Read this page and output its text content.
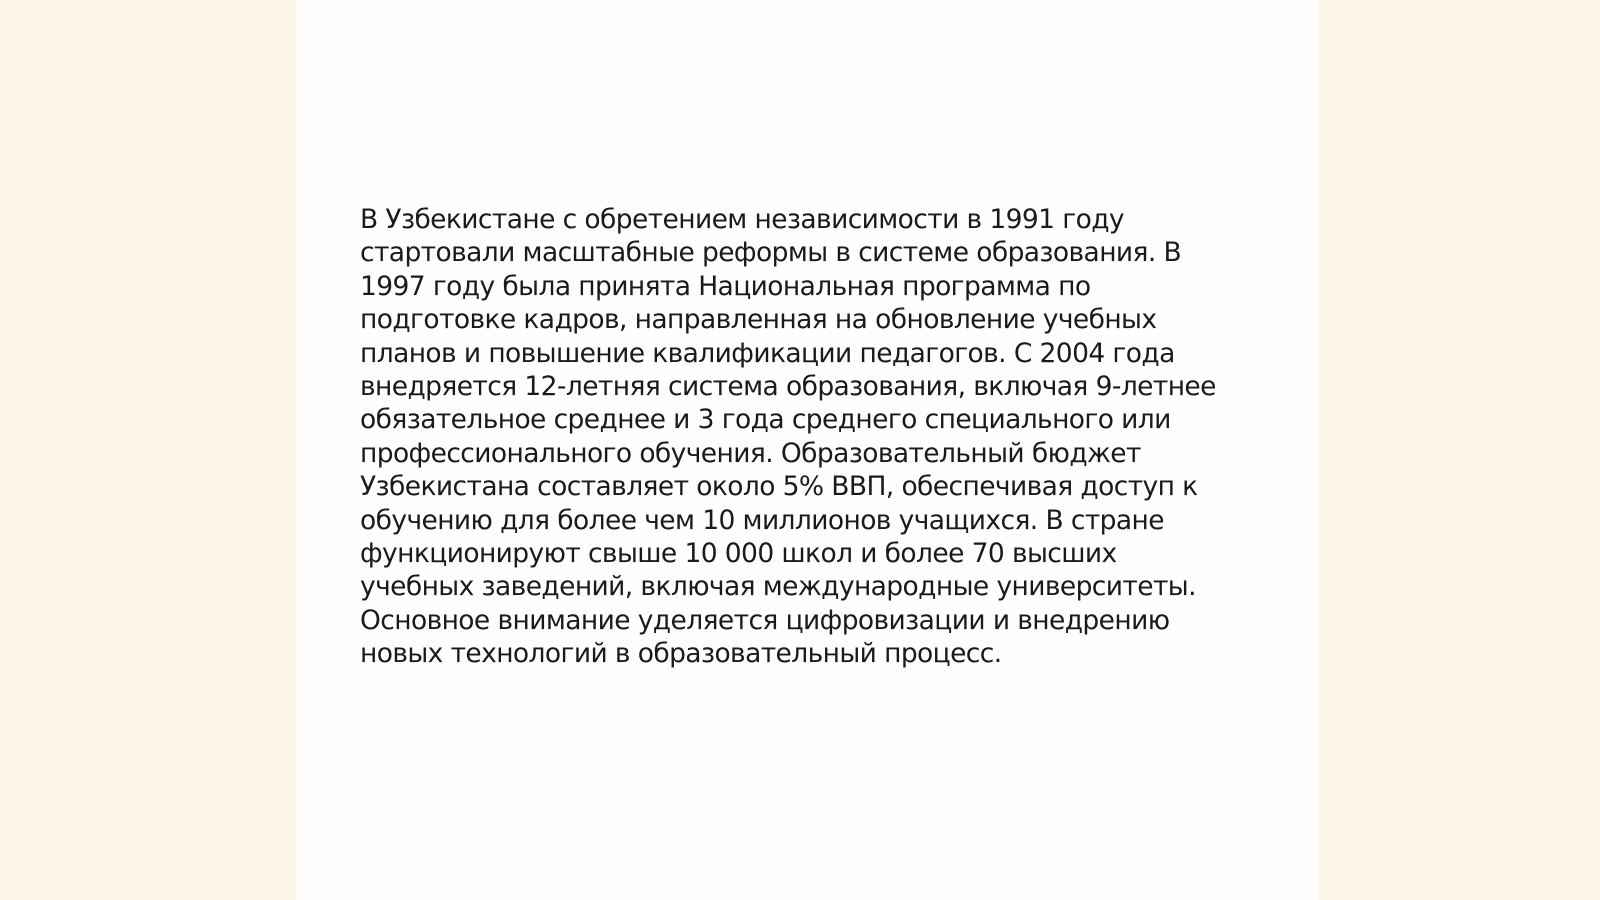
В Узбекистане с обретением независимости в 1991 году стартовали масштабные реформы в системе образования. В 1997 году была принята Национальная программа по подготовке кадров, направленная на обновление учебных планов и повышение квалификации педагогов. С 2004 года внедряется 12-летняя система образования, включая 9-летнее обязательное среднее и 3 года среднего специального или профессионального обучения. Образовательный бюджет Узбекистана составляет около 5% ВВП, обеспечивая доступ к обучению для более чем 10 миллионов учащихся. В стране функционируют свыше 10 000 школ и более 70 высших учебных заведений, включая международные университеты. Основное внимание уделяется цифровизации и внедрению новых технологий в образовательный процесс.
